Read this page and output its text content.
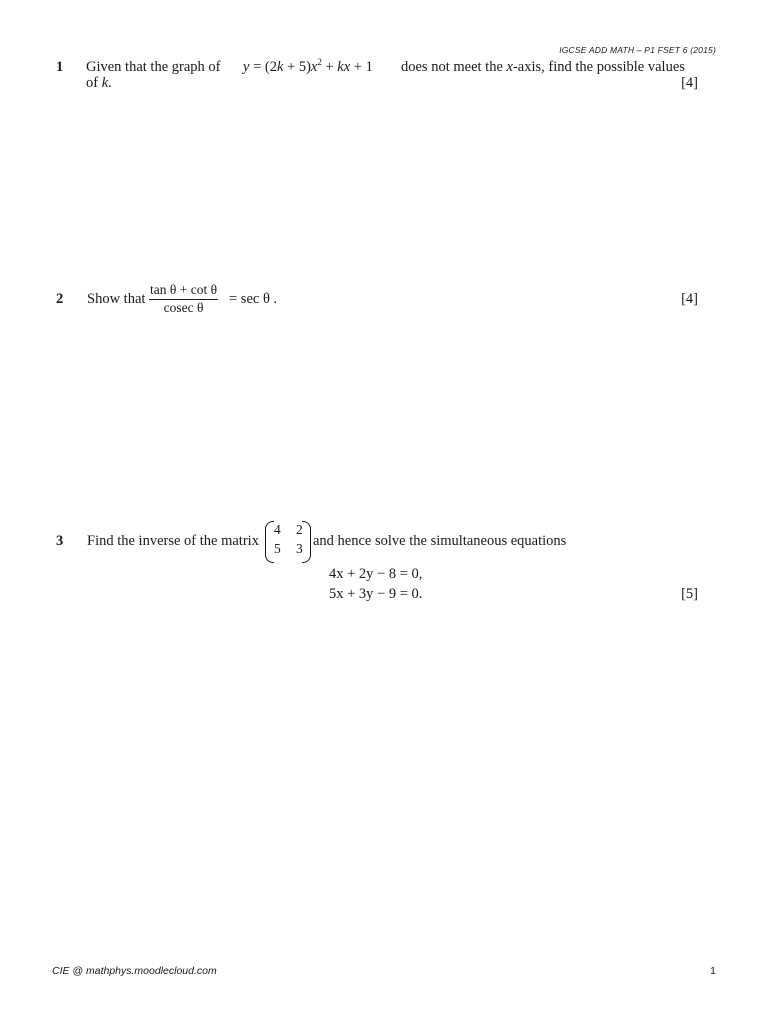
IGCSE ADD MATH – P1 FSET 6 (2015)
1 Given that the graph of $y = (2k + 5)x^2$ + kx + 1 does not meet the x-axis, find the possible values
of k.	[4]
2 Show that $\frac{\text{tan θ + cot θ}}{\text{cosec θ}} = \sec \theta$ .	[4]
3 Find the inverse of the matrix
4 2
5 3 and hence solve the simultaneous equations
4x + 2y − 8 = 0,
5x + 3y − 9 = 0.	[5]
CIE @ mathphys.moodlecloud.com	1
